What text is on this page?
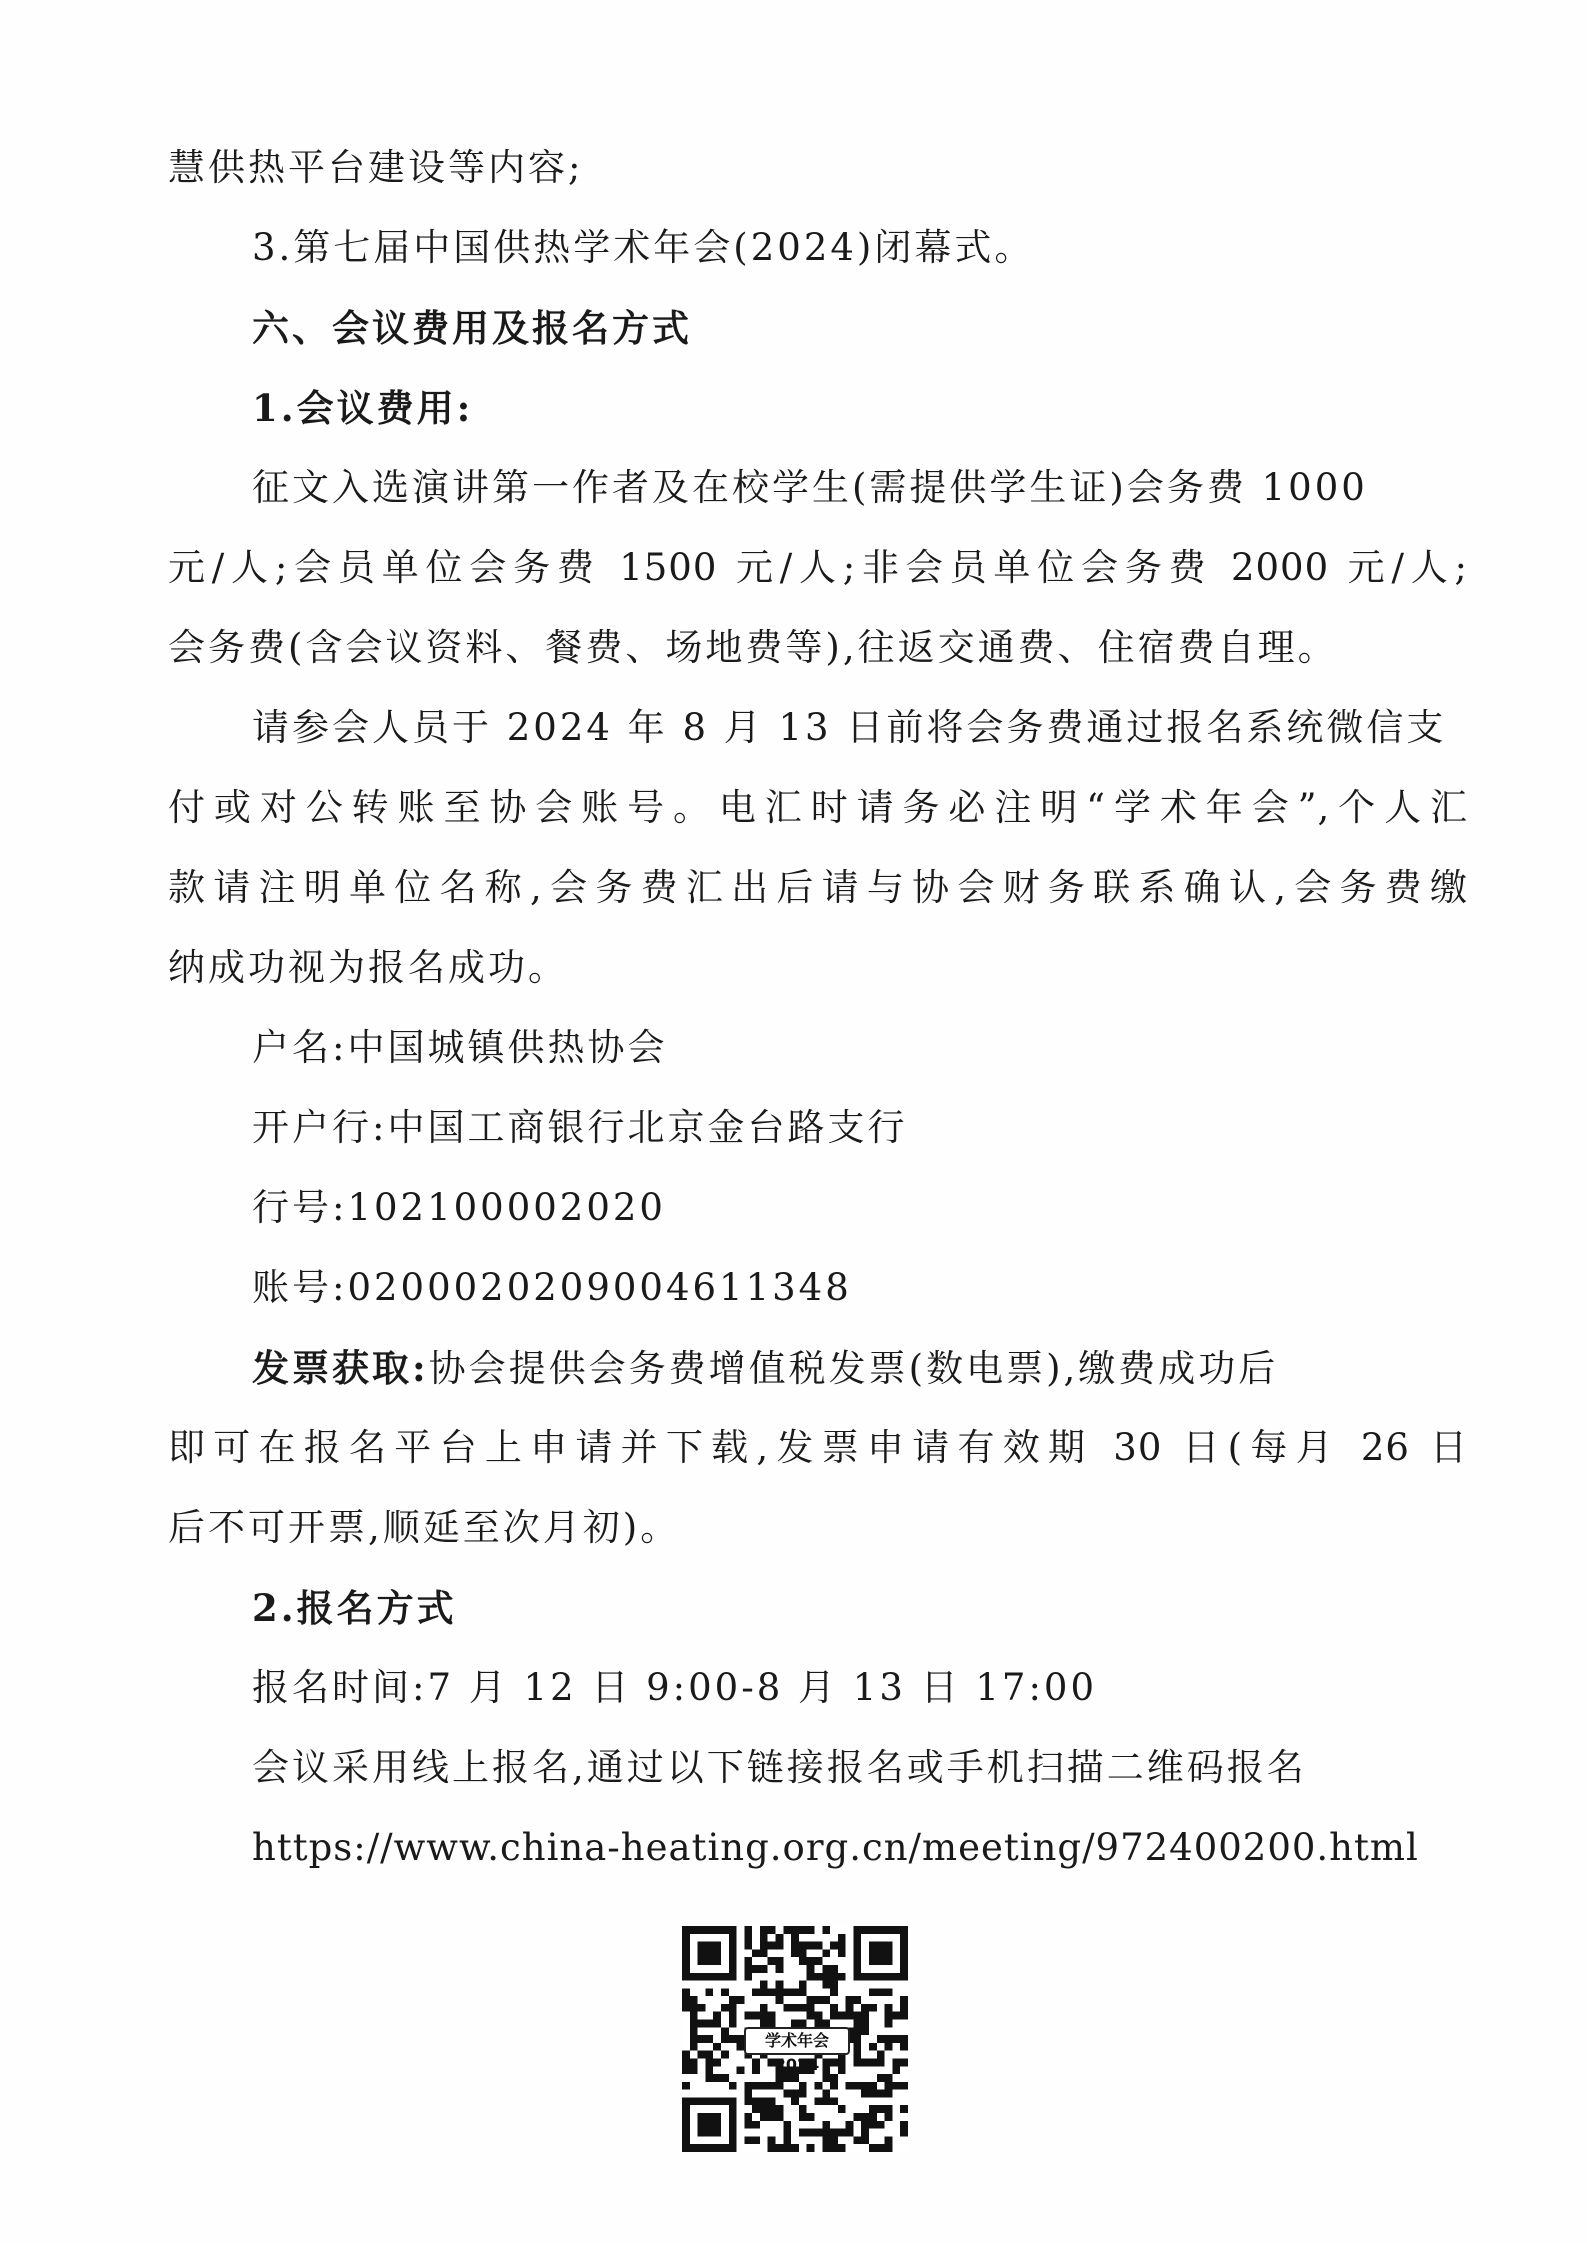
慧供热平台建设等内容;
3.第七届中国供热学术年会(2024)闭幕式。
六、会议费用及报名方式
1.会议费用:
征文入选演讲第一作者及在校学生(需提供学生证)会务费 1000
元/人;会员单位会务费 1500 元/人;非会员单位会务费 2000 元/人;
会务费(含会议资料、餐费、场地费等),往返交通费、住宿费自理。
请参会人员于 2024 年 8 月 13 日前将会务费通过报名系统微信支
付或对公转账至协会账号。电汇时请务必注明“学术年会”,个人汇
款请注明单位名称,会务费汇出后请与协会财务联系确认,会务费缴
纳成功视为报名成功。
户名:中国城镇供热协会
开户行:中国工商银行北京金台路支行
行号:102100002020
账号:0200020209004611348
发票获取:协会提供会务费增值税发票(数电票),缴费成功后
即可在报名平台上申请并下载,发票申请有效期 30 日(每月 26 日
后不可开票,顺延至次月初)。
2.报名方式
报名时间:7 月 12 日 9:00-8 月 13 日 17:00
会议采用线上报名,通过以下链接报名或手机扫描二维码报名
https://www.china-heating.org.cn/meeting/972400200.html
学术年会2024
